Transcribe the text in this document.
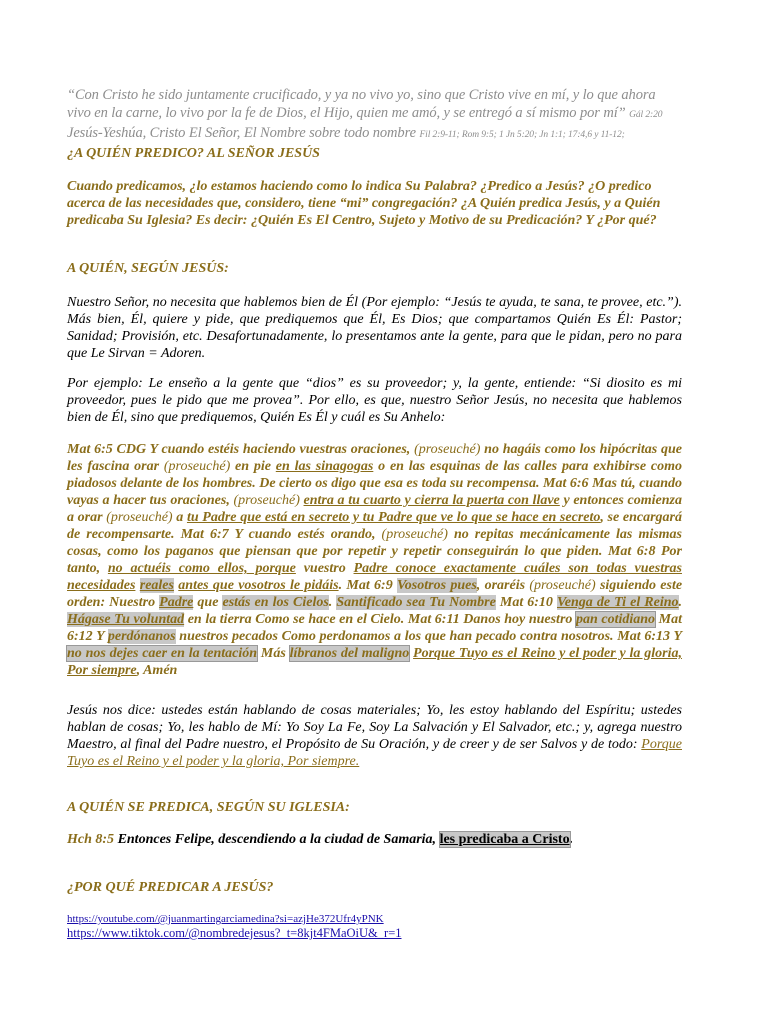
“Con Cristo he sido juntamente crucificado, y ya no vivo yo, sino que Cristo vive en mí, y lo que ahora vivo en la carne, lo vivo por la fe de Dios, el Hijo, quien me amó, y se entregó a sí mismo por mí” Gál 2:20
Jesús-Yeshúa, Cristo El Señor, El Nombre sobre todo nombre Fil 2:9-11; Rom 9:5; 1 Jn 5:20; Jn 1:1; 17:4,6 y 11-12;
¿A QUIÉN PREDICO? AL SEÑOR JESÚS
Cuando predicamos, ¿lo estamos haciendo como lo indica Su Palabra? ¿Predico a Jesús? ¿O predico acerca de las necesidades que, considero, tiene “mi” congregación? ¿A Quién predica Jesús, y a Quién predicaba Su Iglesia? Es decir: ¿Quién Es El Centro, Sujeto y Motivo de su Predicación? Y ¿Por qué?
A QUIÉN, SEGÚN JESÚS:
Nuestro Señor, no necesita que hablemos bien de Él (Por ejemplo: “Jesús te ayuda, te sana, te provee, etc.”). Más bien, Él, quiere y pide, que prediquemos que Él, Es Dios; que compartamos Quién Es Él: Pastor; Sanidad; Provisión, etc. Desafortunadamente, lo presentamos ante la gente, para que le pidan, pero no para que Le Sirvan = Adoren.
Por ejemplo: Le enseño a la gente que “dios” es su proveedor; y, la gente, entiende: “Si diosito es mi proveedor, pues le pido que me provea”. Por ello, es que, nuestro Señor Jesús, no necesita que hablemos bien de Él, sino que prediquemos, Quién Es Él y cuál es Su Anhelo:
Mat 6:5 CDG Y cuando estéis haciendo vuestras oraciones, (proseuché) no hagáis como los hipócritas que les fascina orar (proseuché) en pie en las sinagogas o en las esquinas de las calles para exhibirse como piadosos delante de los hombres. De cierto os digo que esa es toda su recompensa. Mat 6:6 Mas tú, cuando vayas a hacer tus oraciones, (proseuché) entra a tu cuarto y cierra la puerta con llave y entonces comienza a orar (proseuché) a tu Padre que está en secreto y tu Padre que ve lo que se hace en secreto, se encargará de recompensarte. Mat 6:7 Y cuando estés orando, (proseuché) no repitas mecánicamente las mismas cosas, como los paganos que piensan que por repetir y repetir conseguirán lo que piden. Mat 6:8 Por tanto, no actuéis como ellos, porque vuestro Padre conoce exactamente cuáles son todas vuestras necesidades reales antes que vosotros le pidáis. Mat 6:9 Vosotros pues, oraréis (proseuché) siguiendo este orden: Nuestro Padre que estás en los Cielos. Santificado sea Tu Nombre Mat 6:10 Venga de Ti el Reino. Hágase Tu voluntad en la tierra Como se hace en el Cielo. Mat 6:11 Danos hoy nuestro pan cotidiano Mat 6:12 Y perdónanos nuestros pecados Como perdonamos a los que han pecado contra nosotros. Mat 6:13 Y no nos dejes caer en la tentación Más líbranos del maligno Porque Tuyo es el Reino y el poder y la gloria, Por siempre, Amén
Jesús nos dice: ustedes están hablando de cosas materiales; Yo, les estoy hablando del Espíritu; ustedes hablan de cosas; Yo, les hablo de Mí: Yo Soy La Fe, Soy La Salvación y El Salvador, etc.; y, agrega nuestro Maestro, al final del Padre nuestro, el Propósito de Su Oración, y de creer y de ser Salvos y de todo: Porque Tuyo es el Reino y el poder y la gloria, Por siempre.
A QUIÉN SE PREDICA, SEGÚN SU IGLESIA:
Hch 8:5 Entonces Felipe, descendiendo a la ciudad de Samaria, les predicaba a Cristo.
¿POR QUÉ PREDICAR A JESÚS?
https://youtube.com/@juanmartingarciamedina?si=azjHe372Ufr4yPNK
https://www.tiktok.com/@nombredejesus?_t=8kjt4FMaOiU&_r=1
